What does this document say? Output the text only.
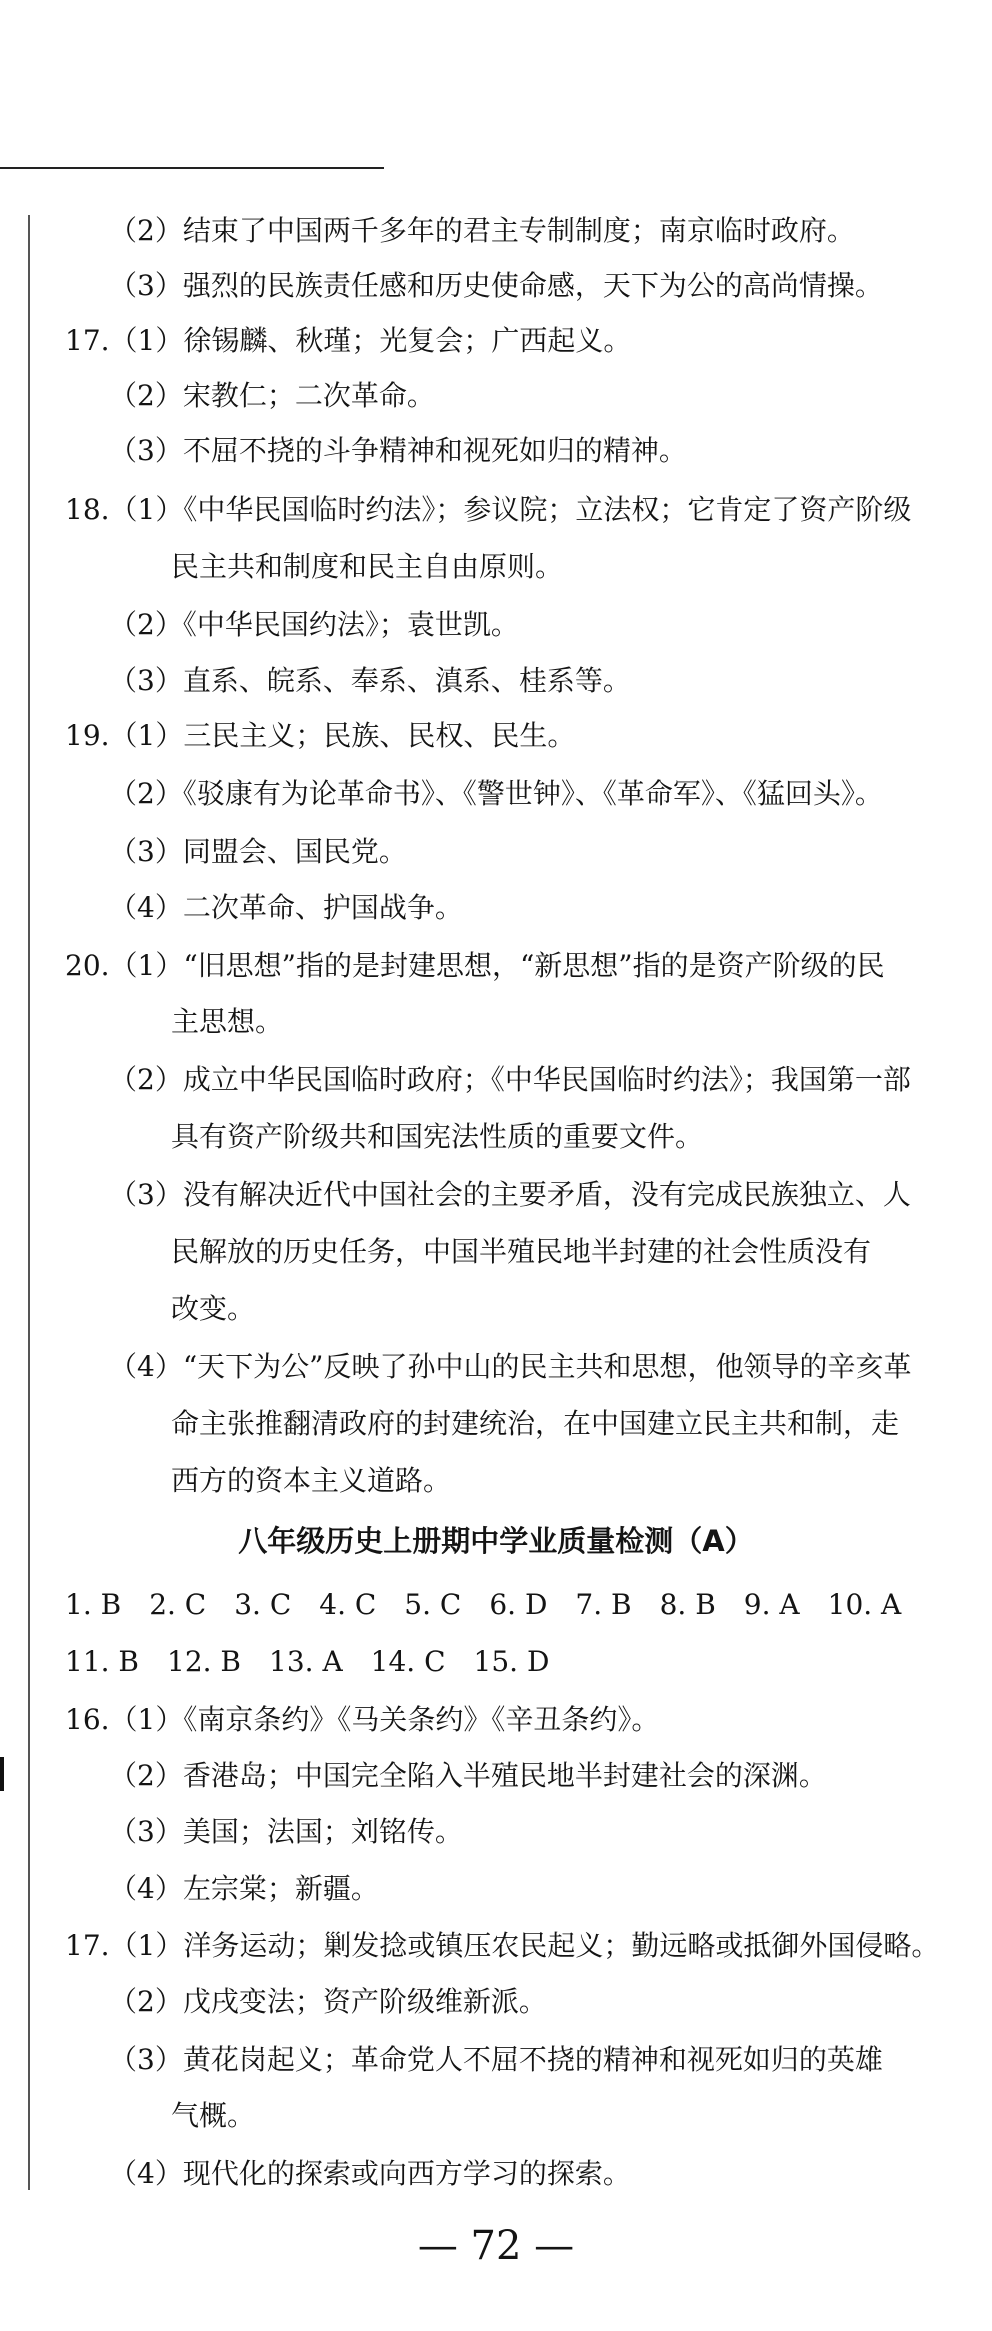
（2）结束了中国两千多年的君主专制制度；南京临时政府。
（3）强烈的民族责任感和历史使命感，天下为公的高尚情操。
17.（1）徐锡麟、秋瑾；光复会；广西起义。
（2）宋教仁；二次革命。
（3）不屈不挠的斗争精神和视死如归的精神。
18.（1）《中华民国临时约法》；参议院；立法权；它肯定了资产阶级
民主共和制度和民主自由原则。
（2）《中华民国约法》；袁世凯。
（3）直系、皖系、奉系、滇系、桂系等。
19.（1）三民主义；民族、民权、民生。
（2）《驳康有为论革命书》、《警世钟》、《革命军》、《猛回头》。
（3）同盟会、国民党。
（4）二次革命、护国战争。
20.（1）“旧思想”指的是封建思想，“新思想”指的是资产阶级的民
主思想。
（2）成立中华民国临时政府；《中华民国临时约法》；我国第一部
具有资产阶级共和国宪法性质的重要文件。
（3）没有解决近代中国社会的主要矛盾，没有完成民族独立、人
民解放的历史任务，中国半殖民地半封建的社会性质没有
改变。
（4）“天下为公”反映了孙中山的民主共和思想，他领导的辛亥革
命主张推翻清政府的封建统治，在中国建立民主共和制，走
西方的资本主义道路。
八年级历史上册期中学业质量检测（A）
1. B　2. C　3. C　4. C　5. C　6. D　7. B　8. B　9. A　10. A
11. B　12. B　13. A　14. C　15. D
16.（1）《南京条约》《马关条约》《辛丑条约》。
（2）香港岛；中国完全陷入半殖民地半封建社会的深渊。
（3）美国；法国；刘铭传。
（4）左宗棠；新疆。
17.（1）洋务运动；剿发捻或镇压农民起义；勤远略或抵御外国侵略。
（2）戊戌变法；资产阶级维新派。
（3）黄花岗起义；革命党人不屈不挠的精神和视死如归的英雄
气概。
（4）现代化的探索或向西方学习的探索。
— 72 —
